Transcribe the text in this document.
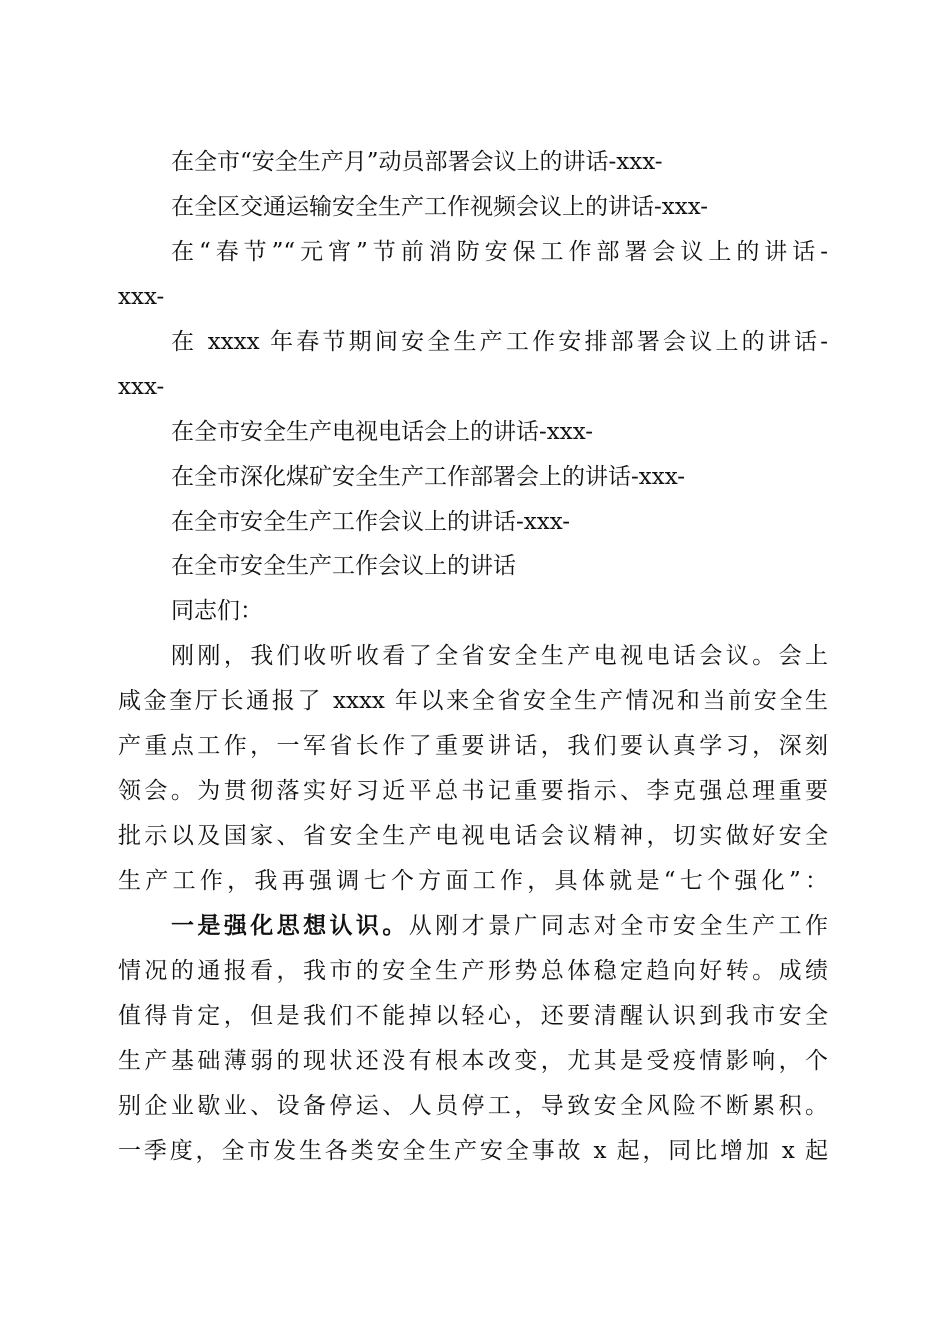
在全市“安全生产月”动员部署会议上的讲话-xxx-
在全区交通运输安全生产工作视频会议上的讲话-xxx-
在“春节”“元宵”节前消防安保工作部署会议上的讲话-
xxx-
在 xxxx 年春节期间安全生产工作安排部署会议上的讲话-
xxx-
在全市安全生产电视电话会上的讲话-xxx-
在全市深化煤矿安全生产工作部署会上的讲话-xxx-
在全市安全生产工作会议上的讲话-xxx-
在全市安全生产工作会议上的讲话
同志们：
刚刚，我们收听收看了全省安全生产电视电话会议。会上
咸金奎厅长通报了 xxxx 年以来全省安全生产情况和当前安全生
产重点工作，一军省长作了重要讲话，我们要认真学习，深刻
领会。为贯彻落实好习近平总书记重要指示、李克强总理重要
批示以及国家、省安全生产电视电话会议精神，切实做好安全
生产工作，我再强调七个方面工作，具体就是“七个强化”：
一是强化思想认识。从刚才景广同志对全市安全生产工作
情况的通报看，我市的安全生产形势总体稳定趋向好转。成绩
值得肯定，但是我们不能掉以轻心，还要清醒认识到我市安全
生产基础薄弱的现状还没有根本改变，尤其是受疫情影响，个
别企业歇业、设备停运、人员停工，导致安全风险不断累积。
一季度，全市发生各类安全生产安全事故 x 起，同比增加 x 起
